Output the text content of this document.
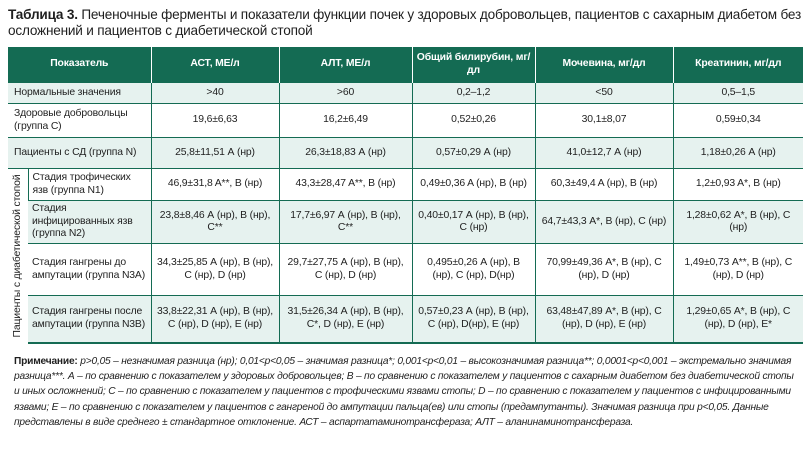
Таблица 3. Печеночные ферменты и показатели функции почек у здоровых добровольцев, пациентов с сахарным диабетом без осложнений и пациентов с диабетической стопой
Показатель		АСТ, МЕ/л	АЛТ, МЕ/л	Общий билирубин, мг/дл	Мочевина, мг/дл	Креатинин, мг/дл
Нормальные значения		>40	>60	0,2–1,2	<50	0,5–1,5
Здоровые добровольцы (группа C)		19,6±6,63	16,2±6,49	0,52±0,26	30,1±8,07	0,59±0,34
Пациенты с СД (группа N)		25,8±11,51 А (нр)	26,3±18,83 А (нр)	0,57±0,29 А (нр)	41,0±12,7 А (нр)	1,18±0,26 А (нр)

Пациенты с диабетической стопой	Стадия трофических язв (группа N1)	46,9±31,8 A**, B (нр)	43,3±28,47 A**, B (нр)	0,49±0,36 A (нр), B (нр)	60,3±49,4 A (нр), B (нр)	1,2±0,93 A*, B (нр)
	Стадия инфицированных язв (группа N2)	23,8±8,46 А (нр), В (нр), С**	17,7±6,97 А (нр), В (нр), С**	0,40±0,17 А (нр), В (нр), С (нр)	64,7±43,3 А*, В (нр), С (нр)	1,28±0,62 А*, В (нр), С (нр)
	Стадия гангрены до ампутации (группа N3A)	34,3±25,85 А (нр), В (нр), С (нр), D (нр)	29,7±27,75 А (нр), В (нр), С (нр), D (нр)	0,495±0,26 А (нр), В (нр), С (нр), D(нр)	70,99±49,36 А*, В (нр), С (нр), D (нр)	1,49±0,73 А**, В (нр), С (нр), D (нр)
	Стадия гангрены после ампутации (группа N3B)	33,8±22,31 А (нр), В (нр), С (нр), D (нр), Е (нр)	31,5±26,34 А (нр), В (нр), С*, D (нр), Е (нр)	0,57±0,23 А (нр), В (нр), С (нр), D(нр), Е (нр)	63,48±47,89 А*, В (нр), С (нр), D (нр), Е (нр)	1,29±0,65 А*, В (нр), С (нр), D (нр), Е*
Примечание: p>0,05 – незначимая разница (нр); 0,01<p<0,05 – значимая разница*; 0,001<p<0,01 – высокозначимая разница**; 0,0001<p<0,001 – экстремально значимая разница***. А – по сравнению с показателем у здоровых добровольцев; В – по сравнению с показателем у пациентов с сахарным диабетом без диабетической стопы и иных осложнений; С – по сравнению с показателем у пациентов с трофическими язвами стопы; D – по сравнению с показателем у пациентов с инфицированными язвами; Е – по сравнению с показателем у пациентов с гангреной до ампутации пальца(ев) или стопы (предампутанты). Значимая разница при p<0,05. Данные представлены в виде среднего ± стандартное отклонение. АСТ – аспартатаминотрансфераза; АЛТ – аланинаминотрансфераза.
